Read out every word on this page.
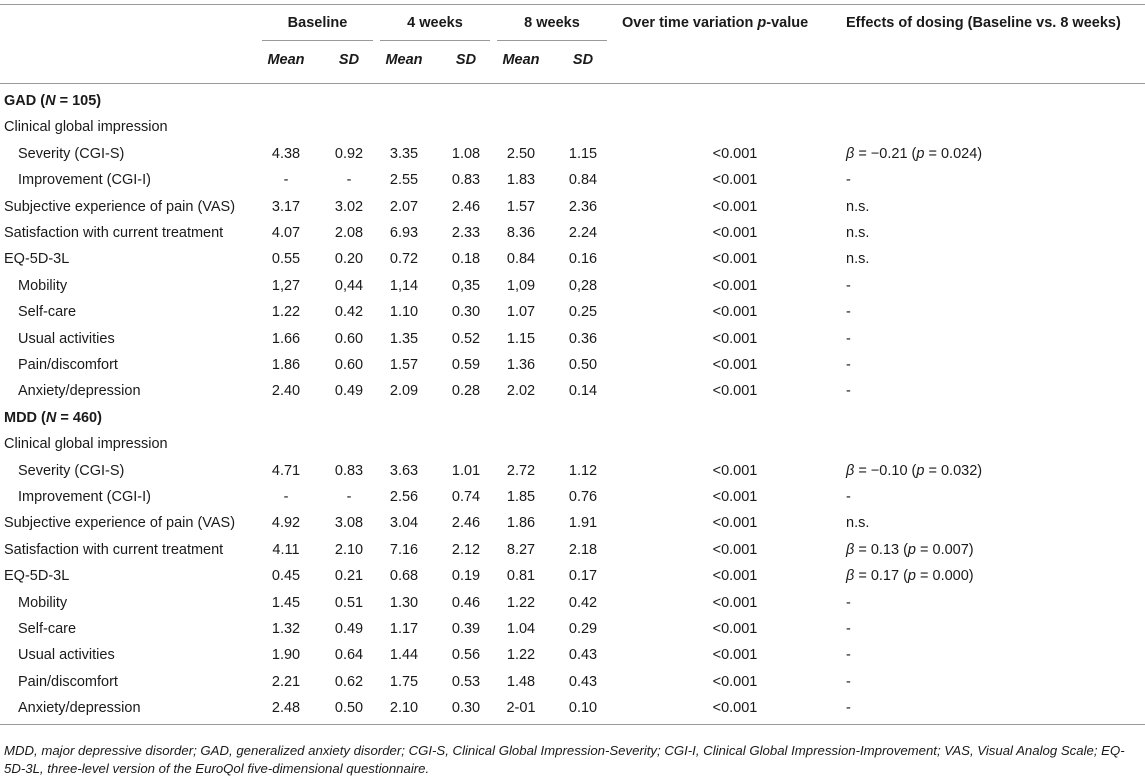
Baseline	4 weeks	8 weeks	Over time variation p-value	Effects of dosing (Baseline vs. 8 weeks)
Mean	SD	Mean	SD	Mean	SD
GAD (N = 105)
Clinical global impression
Severity (CGI-S)	4.38	0.92	3.35	1.08	2.50	1.15	<0.001	β = −0.21 (p = 0.024)
Improvement (CGI-I)	-	-	2.55	0.83	1.83	0.84	<0.001	-
Subjective experience of pain (VAS)	3.17	3.02	2.07	2.46	1.57	2.36	<0.001	n.s.
Satisfaction with current treatment	4.07	2.08	6.93	2.33	8.36	2.24	<0.001	n.s.
EQ-5D-3L	0.55	0.20	0.72	0.18	0.84	0.16	<0.001	n.s.
Mobility	1,27	0,44	1,14	0,35	1,09	0,28	<0.001	-
Self-care	1.22	0.42	1.10	0.30	1.07	0.25	<0.001	-
Usual activities	1.66	0.60	1.35	0.52	1.15	0.36	<0.001	-
Pain/discomfort	1.86	0.60	1.57	0.59	1.36	0.50	<0.001	-
Anxiety/depression	2.40	0.49	2.09	0.28	2.02	0.14	<0.001	-
MDD (N = 460)
Clinical global impression
Severity (CGI-S)	4.71	0.83	3.63	1.01	2.72	1.12	<0.001	β = −0.10 (p = 0.032)
Improvement (CGI-I)	-	-	2.56	0.74	1.85	0.76	<0.001	-
Subjective experience of pain (VAS)	4.92	3.08	3.04	2.46	1.86	1.91	<0.001	n.s.
Satisfaction with current treatment	4.11	2.10	7.16	2.12	8.27	2.18	<0.001	β = 0.13 (p = 0.007)
EQ-5D-3L	0.45	0.21	0.68	0.19	0.81	0.17	<0.001	β = 0.17 (p = 0.000)
Mobility	1.45	0.51	1.30	0.46	1.22	0.42	<0.001	-
Self-care	1.32	0.49	1.17	0.39	1.04	0.29	<0.001	-
Usual activities	1.90	0.64	1.44	0.56	1.22	0.43	<0.001	-
Pain/discomfort	2.21	0.62	1.75	0.53	1.48	0.43	<0.001	-
Anxiety/depression	2.48	0.50	2.10	0.30	2-01	0.10	<0.001	-
MDD, major depressive disorder; GAD, generalized anxiety disorder; CGI-S, Clinical Global Impression-Severity; CGI-I, Clinical Global Impression-Improvement; VAS, Visual Analog Scale; EQ-5D-3L, three-level version of the EuroQol five-dimensional questionnaire.
